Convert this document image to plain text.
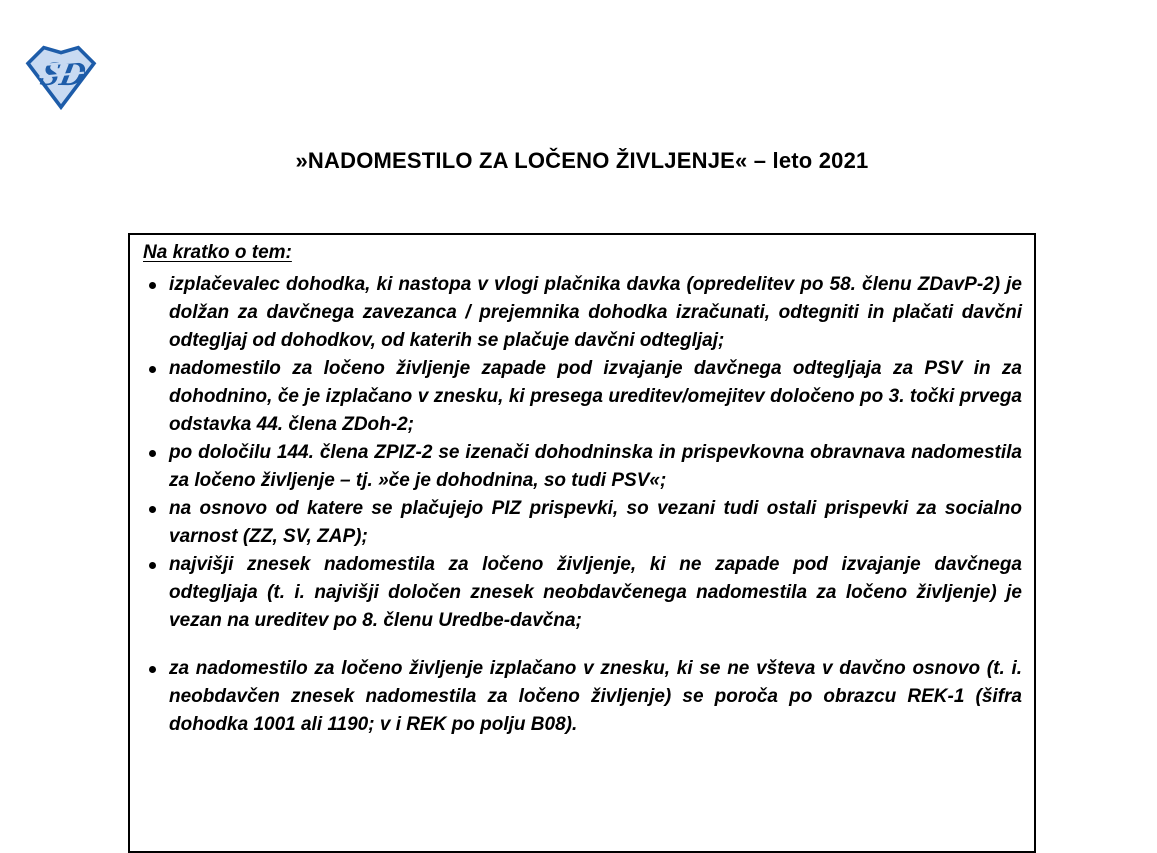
SD
»NADOMESTILO ZA LOČENO ŽIVLJENJE« – leto 2021
Na kratko o tem:
izplačevalec dohodka, ki nastopa v vlogi plačnika davka (opredelitev po 58. členu ZDavP-2) je dolžan za davčnega zavezanca / prejemnika dohodka izračunati, odtegniti in plačati davčni odtegljaj od dohodkov, od katerih se plačuje davčni odtegljaj;
nadomestilo za ločeno življenje zapade pod izvajanje davčnega odtegljaja za PSV in za dohodnino, če je izplačano v znesku, ki presega ureditev/omejitev določeno po 3. točki prvega odstavka 44. člena ZDoh-2;
po določilu 144. člena ZPIZ-2 se izenači dohodninska in prispevkovna obravnava nadomestila za ločeno življenje – tj. »če je dohodnina, so tudi PSV«;
na osnovo od katere se plačujejo PIZ prispevki, so vezani tudi ostali prispevki za socialno varnost (ZZ, SV, ZAP);
najvišji znesek nadomestila za ločeno življenje, ki ne zapade pod izvajanje davčnega odtegljaja (t. i. najvišji določen znesek neobdavčenega nadomestila za ločeno življenje) je vezan na ureditev po 8. členu Uredbe-davčna;
za nadomestilo za ločeno življenje izplačano v znesku, ki se ne všteva v davčno osnovo (t. i. neobdavčen znesek nadomestila za ločeno življenje) se poroča po obrazcu REK-1 (šifra dohodka 1001 ali 1190; v i REK po polju B08).
